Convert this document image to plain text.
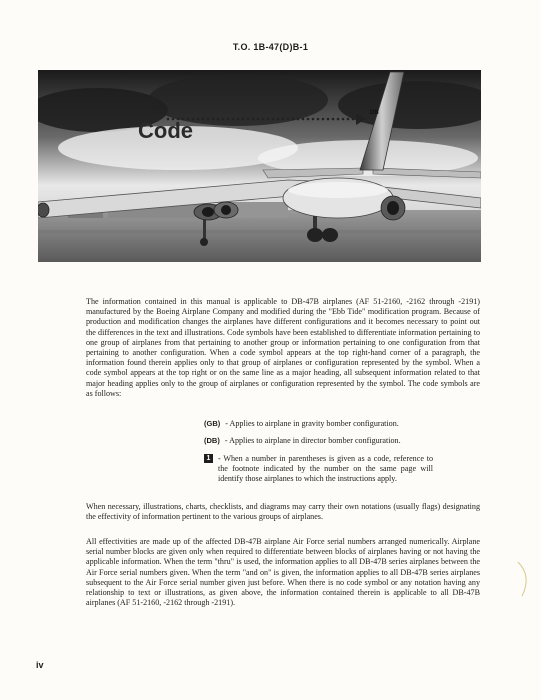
T.O. 1B-47(D)B-1
Code
DB

The information contained in this manual is applicable to DB-47B airplanes (AF 51-2160, -2162 through -2191) manufactured by the Boeing Airplane Company and modified during the "Ebb Tide" modification program. Because of production and modification changes the airplanes have different configurations and it becomes necessary to point out the differences in the text and illustrations. Code symbols have been established to differentiate information pertaining to one group of airplanes from that pertaining to another group or information pertaining to one configuration from that pertaining to another configuration. When a code symbol appears at the top right-hand corner of a paragraph, the information found therein applies only to that group of airplanes or configuration represented by the symbol. When a code symbol appears at the top right or on the same line as a major heading, all subsequent information related to that major heading applies only to the group of airplanes or configuration represented by the symbol. The code symbols are as follows:

(GB) - Applies to airplane in gravity bomber configuration.
(DB) - Applies to airplane in director bomber configuration.
1 - When a number in parentheses is given as a code, reference to the footnote indicated by the number on the same page will identify those airplanes to which the instructions apply.

When necessary, illustrations, charts, checklists, and diagrams may carry their own notations (usually flags) designating the effectivity of information pertinent to the various groups of airplanes.

All effectivities are made up of the affected DB-47B airplane Air Force serial numbers arranged numerically. Airplane serial number blocks are given only when required to differentiate between blocks of airplanes having or not having the applicable information. When the term "thru" is used, the information applies to all DB-47B series airplanes between the Air Force serial numbers given. When the term "and on" is given, the information applies to all DB-47B series airplanes subsequent to the Air Force serial number given just before. When there is no code symbol or any notation having any relationship to text or illustrations, as given above, the information contained therein is applicable to all DB-47B airplanes (AF 51-2160, -2162 through -2191).

iv
